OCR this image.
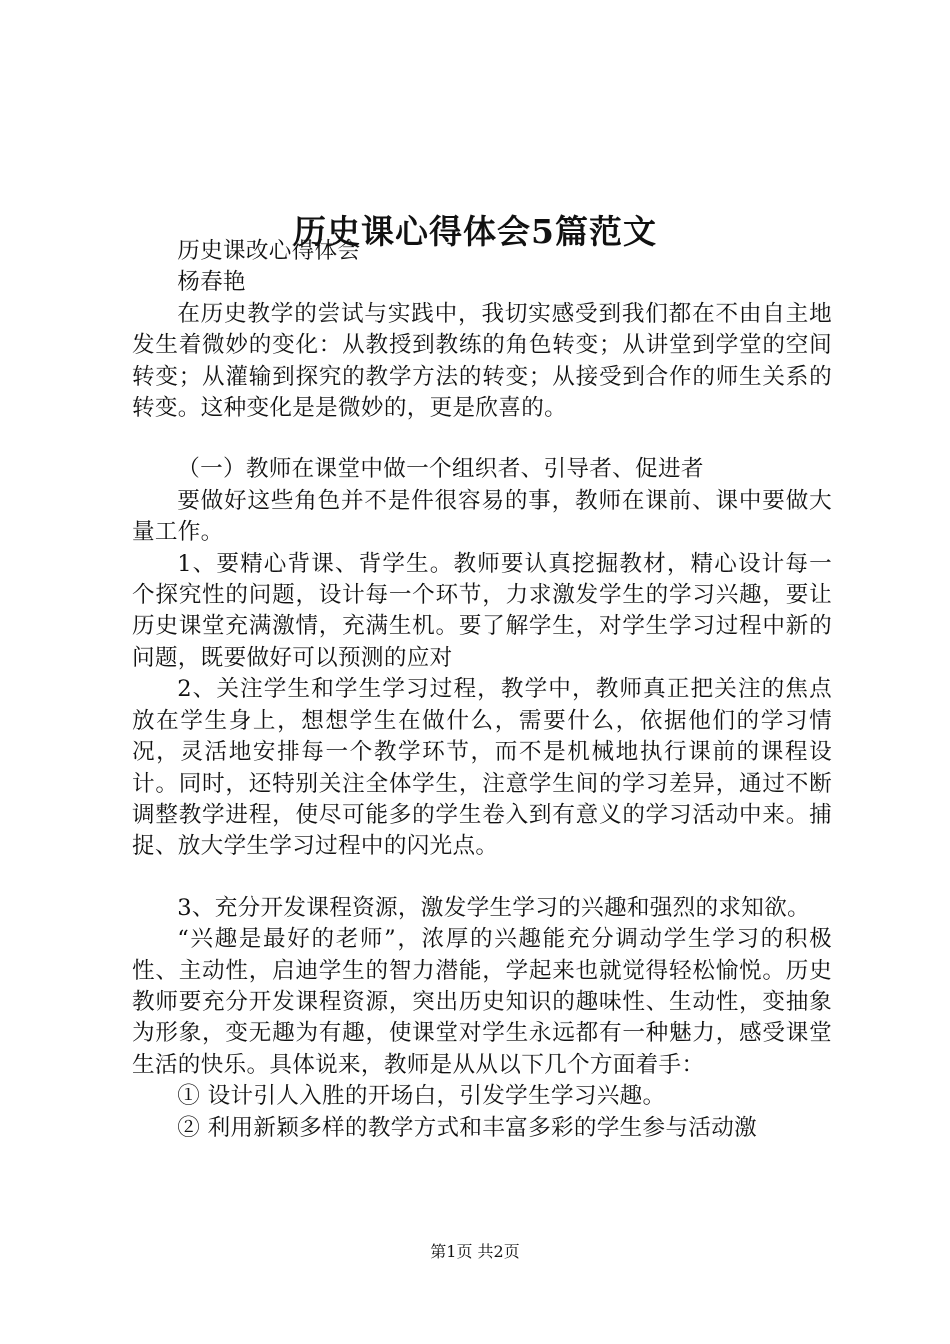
历史课心得体会5篇范文

历史课改心得体会

杨春艳

在历史教学的尝试与实践中，我切实感受到我们都在不由自主地发生着微妙的变化：从教授到教练的角色转变；从讲堂到学堂的空间转变；从灌输到探究的教学方法的转变；从接受到合作的师生关系的转变。这种变化是是微妙的，更是欣喜的。

（一）教师在课堂中做一个组织者、引导者、促进者

要做好这些角色并不是件很容易的事，教师在课前、课中要做大量工作。

1、要精心背课、背学生。教师要认真挖掘教材，精心设计每一个探究性的问题，设计每一个环节，力求激发学生的学习兴趣，要让历史课堂充满激情，充满生机。要了解学生，对学生学习过程中新的问题，既要做好可以预测的应对

2、关注学生和学生学习过程，教学中，教师真正把关注的焦点放在学生身上，想想学生在做什么，需要什么，依据他们的学习情况，灵活地安排每一个教学环节，而不是机械地执行课前的课程设计。同时，还特别关注全体学生，注意学生间的学习差异，通过不断调整教学进程，使尽可能多的学生卷入到有意义的学习活动中来。捕捉、放大学生学习过程中的闪光点。

3、充分开发课程资源，激发学生学习的兴趣和强烈的求知欲。

“兴趣是最好的老师”，浓厚的兴趣能充分调动学生学习的积极性、主动性，启迪学生的智力潜能，学起来也就觉得轻松愉悦。历史教师要充分开发课程资源，突出历史知识的趣味性、生动性，变抽象为形象，变无趣为有趣，使课堂对学生永远都有一种魅力，感受课堂生活的快乐。具体说来，教师是从从以下几个方面着手：

① 设计引人入胜的开场白，引发学生学习兴趣。

② 利用新颖多样的教学方式和丰富多彩的学生参与活动激

第1页 共2页
